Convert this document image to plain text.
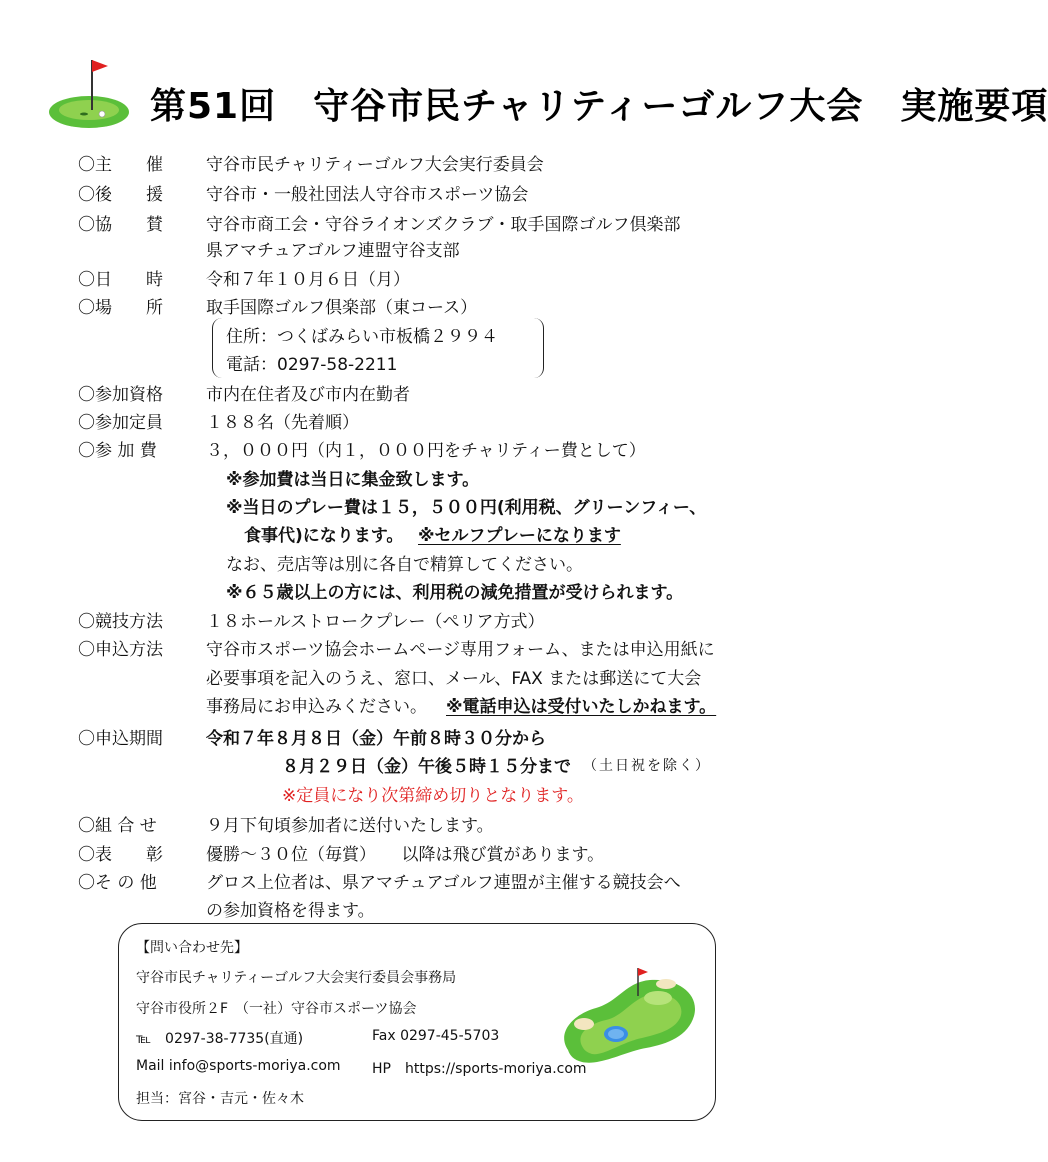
第51回　守谷市民チャリティーゴルフ大会　実施要項
〇主　　催	守谷市民チャリティーゴルフ大会実行委員会
〇後　　援	守谷市・一般社団法人守谷市スポーツ協会
〇協　　賛	守谷市商工会・守谷ライオンズクラブ・取手国際ゴルフ倶楽部
県アマチュアゴルフ連盟守谷支部
〇日　　時	令和７年１０月６日（月）
〇場　　所	取手国際ゴルフ倶楽部（東コース）
住所：つくばみらい市板橋２９９４
電話：0297-58-2211
〇参加資格	市内在住者及び市内在勤者
〇参加定員	１８８名（先着順）
〇参 加 費	３，０００円（内１，０００円をチャリティー費として）
※参加費は当日に集金致します。
※当日のプレー費は１５，５００円(利用税、グリーンフィー、
食事代)になります。 ※セルフプレーになります
なお、売店等は別に各自で精算してください。
※６５歳以上の方には、利用税の減免措置が受けられます。
〇競技方法	１８ホールストロークプレー（ぺリア方式）
〇申込方法	守谷市スポーツ協会ホームページ専用フォーム、または申込用紙に
必要事項を記入のうえ、窓口、メール、FAX または郵送にて大会
事務局にお申込みください。 ※電話申込は受付いたしかねます。
〇申込期間	令和７年８月８日（金）午前８時３０分から
８月２９日（金）午後５時１５分まで （土日祝を除く）
※定員になり次第締め切りとなります。
〇組 合 せ	９月下旬頃参加者に送付いたします。
〇表　　彰	優勝～３０位（毎賞）　　以降は飛び賞があります。
〇そ の 他	グロス上位者は、県アマチュアゴルフ連盟が主催する競技会へ
の参加資格を得ます。
【問い合わせ先】
守谷市民チャリティーゴルフ大会実行委員会事務局
守谷市役所２F　（一社）守谷市スポーツ協会
℡　0297-38-7735(直通)	Fax 0297-45-5703
Mail info@sports-moriya.com HP　https://sports-moriya.com
担当：宮谷・吉元・佐々木
